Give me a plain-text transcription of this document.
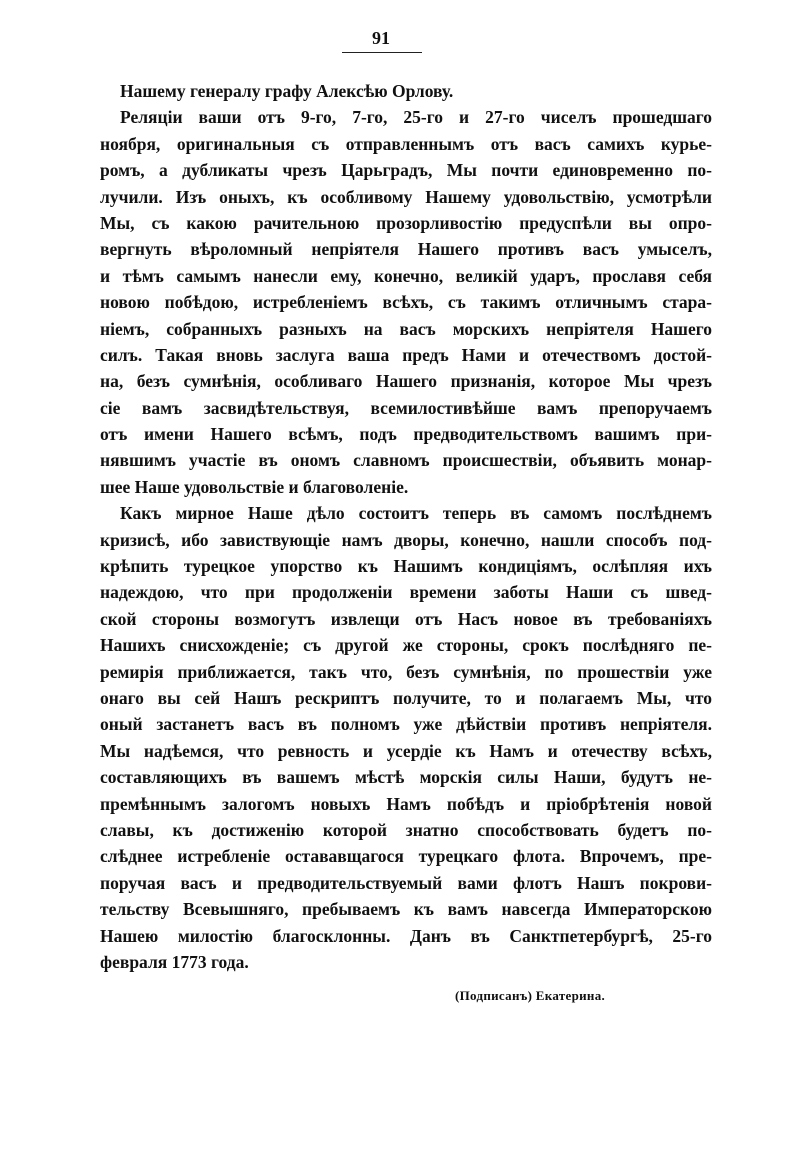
91
Нашему генералу графу Алексѣю Орлову.
Реляціи ваши отъ 9-го, 7-го, 25-го и 27-го чиселъ прошедшаго
ноября, оригинальныя съ отправленнымъ отъ васъ самихъ курье-
ромъ, а дубликаты чрезъ Царьградъ, Мы почти единовременно по-
лучили. Изъ оныхъ, къ особливому Нашему удовольствію, усмотрѣли
Мы, съ какою рачительною прозорливостію предуспѣли вы опро-
вергнуть вѣроломный непріятеля Нашего противъ васъ умыселъ,
и тѣмъ самымъ нанесли ему, конечно, великій ударъ, прославя себя
новою побѣдою, истребленіемъ всѣхъ, съ такимъ отличнымъ стара-
ніемъ, собранныхъ разныхъ на васъ морскихъ непріятеля Нашего
силъ. Такая вновь заслуга ваша предъ Нами и отечествомъ достой-
на, безъ сумнѣнія, особливаго Нашего признанія, которое Мы чрезъ
сіе вамъ засвидѣтельствуя, всемилостивѣйше вамъ препоручаемъ
отъ имени Нашего всѣмъ, подъ предводительствомъ вашимъ при-
нявшимъ участіе въ ономъ славномъ происшествіи, объявить монар-
шее Наше удовольствіе и благоволеніе.
Какъ мирное Наше дѣло состоитъ теперь въ самомъ послѣднемъ
кризисѣ, ибо завиствующіе намъ дворы, конечно, нашли способъ под-
крѣпить турецкое упорство къ Нашимъ кондиціямъ, ослѣпляя ихъ
надеждою, что при продолженіи времени заботы Наши съ швед-
ской стороны возмогутъ извлещи отъ Насъ новое въ требованіяхъ
Нашихъ снисхожденіе; съ другой же стороны, срокъ послѣдняго пе-
ремирія приближается, такъ что, безъ сумнѣнія, по прошествіи уже
онаго вы сей Нашъ рескриптъ получите, то и полагаемъ Мы, что
оный застанетъ васъ въ полномъ уже дѣйствіи противъ непріятеля.
Мы надѣемся, что ревность и усердіе къ Намъ и отечеству всѣхъ,
составляющихъ въ вашемъ мѣстѣ морскія силы Наши, будутъ не-
премѣннымъ залогомъ новыхъ Намъ побѣдъ и пріобрѣтенія новой
славы, къ достиженію которой знатно способствовать будетъ по-
слѣднее истребленіе остававщагося турецкаго флота. Впрочемъ, пре-
поручая васъ и предводительствуемый вами флотъ Нашъ покрови-
тельству Всевышняго, пребываемъ къ вамъ навсегда Императорскою
Нашею милостію благосклонны. Данъ въ Санктпетербургѣ, 25-го
февраля 1773 года.
(Подписанъ) Екатерина.
